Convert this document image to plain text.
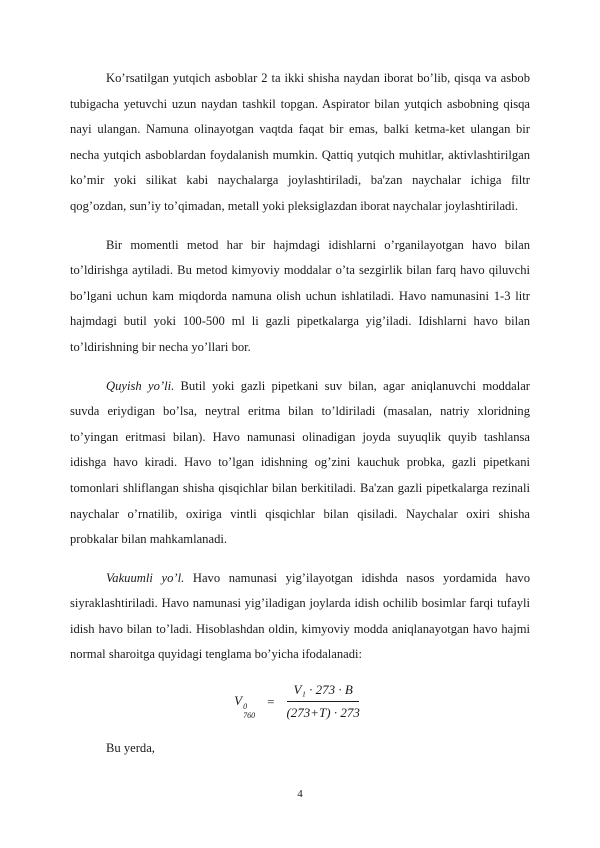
Ko’rsatilgan yutqich asboblar 2 ta ikki shisha naydan iborat bo’lib, qisqa va asbob tubigacha yetuvchi uzun naydan tashkil topgan. Aspirator bilan yutqich asbobning qisqa nayi ulangan. Namuna olinayotgan vaqtda faqat bir emas, balki ketma-ket ulangan bir necha yutqich asboblardan foydalanish mumkin. Qattiq yutqich muhitlar, aktivlashtirilgan ko’mir yoki silikat kabi naychalarga joylashtiriladi, ba'zan naychalar ichiga filtr qog’ozdan, sun’iy to’qimadan, metall yoki pleksiglazdan iborat naychalar joylashtiriladi.

Bir momentli metod har bir hajmdagi idishlarni o’rganilayotgan havo bilan to’ldirishga aytiladi. Bu metod kimyoviy moddalar o’ta sezgirlik bilan farq havo qiluvchi bo’lgani uchun kam miqdorda namuna olish uchun ishlatiladi. Havo namunasini 1-3 litr hajmdagi butil yoki 100-500 ml li gazli pipetkalarga yig’iladi. Idishlarni havo bilan to’ldirishning bir necha yo’llari bor.

Quyish yo’li. Butil yoki gazli pipetkani suv bilan, agar aniqlanuvchi moddalar suvda eriydigan bo’lsa, neytral eritma bilan to’ldiriladi (masalan, natriy xloridning to’yingan eritmasi bilan). Havo namunasi olinadigan joyda suyuqlik quyib tashlansa idishga havo kiradi. Havo to’lgan idishning og’zini kauchuk probka, gazli pipetkani tomonlari shliflangan shisha qisqichlar bilan berkitiladi. Ba'zan gazli pipetkalarga rezinali naychalar o’rnatilib, oxiriga vintli qisqichlar bilan qisiladi. Naychalar oxiri shisha probkalar bilan mahkamlanadi.

Vakuumli yo’l. Havo namunasi yig’ilayotgan idishda nasos yordamida havo siyraklashtiriladi. Havo namunasi yig’iladigan joylarda idish ochilib bosimlar farqi tufayli idish havo bilan to’ladi. Hisoblashdan oldin, kimyoviy modda aniqlanayotgan havo hajmi normal sharoitga quyidagi tenglama bo’yicha ifodalanadi:

V 0
760
= $\frac{\text{V₁ · 273 · B}}{(273+T) \cdot 273}$

Bu yerda,

4
